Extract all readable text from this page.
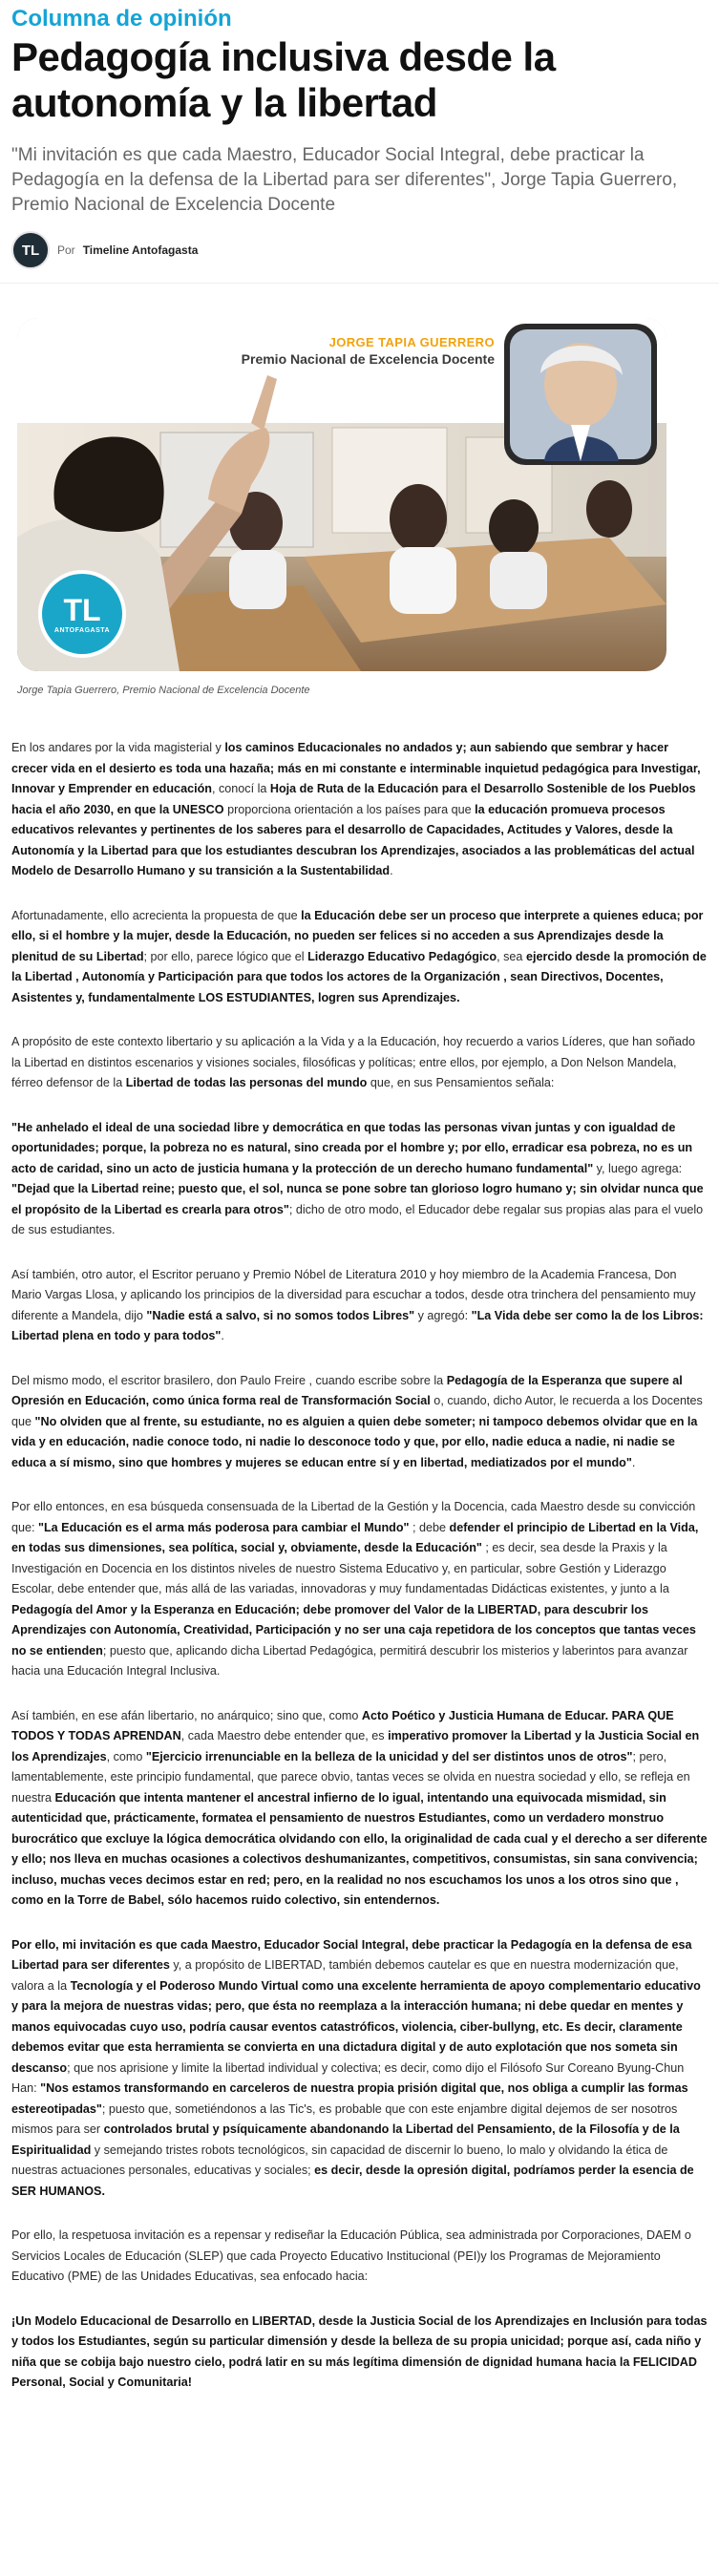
Columna de opinión
Pedagogía inclusiva desde la autonomía y la libertad
"Mi invitación es que cada Maestro, Educador Social Integral, debe practicar la Pedagogía en la defensa de la Libertad para ser diferentes", Jorge Tapia Guerrero, Premio Nacional de Excelencia Docente
TL	Por Timeline Antofagasta
JORGE TAPIA GUERRERO
Premio Nacional de Excelencia Docente
TL
ANTOFAGASTA
Jorge Tapia Guerrero, Premio Nacional de Excelencia Docente

En los andares por la vida magisterial y los caminos Educacionales no andados y; aun sabiendo que sembrar y hacer crecer vida en el desierto es toda una hazaña; más en mi constante e interminable inquietud pedagógica para Investigar, Innovar y Emprender en educación, conocí la Hoja de Ruta de la Educación para el Desarrollo Sostenible de los Pueblos hacia el año 2030, en que la UNESCO proporciona orientación a los países para que la educación promueva procesos educativos relevantes y pertinentes de los saberes para el desarrollo de Capacidades, Actitudes y Valores, desde la Autonomía y la Libertad para que los estudiantes descubran los Aprendizajes, asociados a las problemáticas del actual Modelo de Desarrollo Humano y su transición a la Sustentabilidad.

Afortunadamente, ello acrecienta la propuesta de que la Educación debe ser un proceso que interprete a quienes educa; por ello, si el hombre y la mujer, desde la Educación, no pueden ser felices si no acceden a sus Aprendizajes desde la plenitud de su Libertad; por ello, parece lógico que el Liderazgo Educativo Pedagógico, sea ejercido desde la promoción de la Libertad , Autonomía y Participación para que todos los actores de la Organización , sean Directivos, Docentes, Asistentes y, fundamentalmente LOS ESTUDIANTES, logren sus Aprendizajes.

A propósito de este contexto libertario y su aplicación a la Vida y a la Educación, hoy recuerdo a varios Líderes, que han soñado la Libertad en distintos escenarios y visiones sociales, filosóficas y políticas; entre ellos, por ejemplo, a Don Nelson Mandela, férreo defensor de la Libertad de todas las personas del mundo que, en sus Pensamientos señala:

"He anhelado el ideal de una sociedad libre y democrática en que todas las personas vivan juntas y con igualdad de oportunidades; porque, la pobreza no es natural, sino creada por el hombre y; por ello, erradicar esa pobreza, no es un acto de caridad, sino un acto de justicia humana y la protección de un derecho humano fundamental" y, luego agrega: "Dejad que la Libertad reine; puesto que, el sol, nunca se pone sobre tan glorioso logro humano y; sin olvidar nunca que el propósito de la Libertad es crearla para otros"; dicho de otro modo, el Educador debe regalar sus propias alas para el vuelo de sus estudiantes.

Así también, otro autor, el Escritor peruano y Premio Nóbel de Literatura 2010 y hoy miembro de la Academia Francesa, Don Mario Vargas Llosa, y aplicando los principios de la diversidad para escuchar a todos, desde otra trinchera del pensamiento muy diferente a Mandela, dijo "Nadie está a salvo, si no somos todos Libres" y agregó: "La Vida debe ser como la de los Libros: Libertad plena en todo y para todos".

Del mismo modo, el escritor brasilero, don Paulo Freire , cuando escribe sobre la Pedagogía de la Esperanza que supere al Opresión en Educación, como única forma real de Transformación Social o, cuando, dicho Autor, le recuerda a los Docentes que "No olviden que al frente, su estudiante, no es alguien a quien debe someter; ni tampoco debemos olvidar que en la vida y en educación, nadie conoce todo, ni nadie lo desconoce todo y que, por ello, nadie educa a nadie, ni nadie se educa a sí mismo, sino que hombres y mujeres se educan entre sí y en libertad, mediatizados por el mundo".

Por ello entonces, en esa búsqueda consensuada de la Libertad de la Gestión y la Docencia, cada Maestro desde su convicción que: "La Educación es el arma más poderosa para cambiar el Mundo" ; debe defender el principio de Libertad en la Vida, en todas sus dimensiones, sea política, social y, obviamente, desde la Educación" ; es decir, sea desde la Praxis y la Investigación en Docencia en los distintos niveles de nuestro Sistema Educativo y, en particular, sobre Gestión y Liderazgo Escolar, debe entender que, más allá de las variadas, innovadoras y muy fundamentadas Didácticas existentes, y junto a la Pedagogía del Amor y la Esperanza en Educación; debe promover del Valor de la LIBERTAD, para descubrir los Aprendizajes con Autonomía, Creatividad, Participación y no ser una caja repetidora de los conceptos que tantas veces no se entienden; puesto que, aplicando dicha Libertad Pedagógica, permitirá descubrir los misterios y laberintos para avanzar hacia una Educación Integral Inclusiva.

Así también, en ese afán libertario, no anárquico; sino que, como Acto Poético y Justicia Humana de Educar. PARA QUE TODOS Y TODAS APRENDAN, cada Maestro debe entender que, es imperativo promover la Libertad y la Justicia Social en los Aprendizajes, como "Ejercicio irrenunciable en la belleza de la unicidad y del ser distintos unos de otros"; pero, lamentablemente, este principio fundamental, que parece obvio, tantas veces se olvida en nuestra sociedad y ello, se refleja en nuestra Educación que intenta mantener el ancestral infierno de lo igual, intentando una equivocada mismidad, sin autenticidad que, prácticamente, formatea el pensamiento de nuestros Estudiantes, como un verdadero monstruo burocrático que excluye la lógica democrática olvidando con ello, la originalidad de cada cual y el derecho a ser diferente y ello; nos lleva en muchas ocasiones a colectivos deshumanizantes, competitivos, consumistas, sin sana convivencia; incluso, muchas veces decimos estar en red; pero, en la realidad no nos escuchamos los unos a los otros sino que , como en la Torre de Babel, sólo hacemos ruido colectivo, sin entendernos.

Por ello, mi invitación es que cada Maestro, Educador Social Integral, debe practicar la Pedagogía en la defensa de esa Libertad para ser diferentes y, a propósito de LIBERTAD, también debemos cautelar es que en nuestra modernización que, valora a la Tecnología y el Poderoso Mundo Virtual como una excelente herramienta de apoyo complementario educativo y para la mejora de nuestras vidas; pero, que ésta no reemplaza a la interacción humana; ni debe quedar en mentes y manos equivocadas cuyo uso, podría causar eventos catastróficos, violencia, ciber-bullyng, etc. Es decir, claramente debemos evitar que esta herramienta se convierta en una dictadura digital y de auto explotación que nos someta sin descanso; que nos aprisione y limite la libertad individual y colectiva; es decir, como dijo el Filósofo Sur Coreano Byung-Chun Han: "Nos estamos transformando en carceleros de nuestra propia prisión digital que, nos obliga a cumplir las formas estereotipadas"; puesto que, sometiéndonos a las Tic's, es probable que con este enjambre digital dejemos de ser nosotros mismos para ser controlados brutal y psíquicamente abandonando la Libertad del Pensamiento, de la Filosofía y de la Espiritualidad y semejando tristes robots tecnológicos, sin capacidad de discernir lo bueno, lo malo y olvidando la ética de nuestras actuaciones personales, educativas y sociales; es decir, desde la opresión digital, podríamos perder la esencia de SER HUMANOS.

Por ello, la respetuosa invitación es a repensar y rediseñar la Educación Pública, sea administrada por Corporaciones, DAEM o Servicios Locales de Educación (SLEP) que cada Proyecto Educativo Institucional (PEI)y los Programas de Mejoramiento Educativo (PME) de las Unidades Educativas, sea enfocado hacia:

¡Un Modelo Educacional de Desarrollo en LIBERTAD, desde la Justicia Social de los Aprendizajes en Inclusión para todas y todos los Estudiantes, según su particular dimensión y desde la belleza de su propia unicidad; porque así, cada niño y niña que se cobija bajo nuestro cielo, podrá latir en su más legítima dimensión de dignidad humana hacia la FELICIDAD Personal, Social y Comunitaria!
